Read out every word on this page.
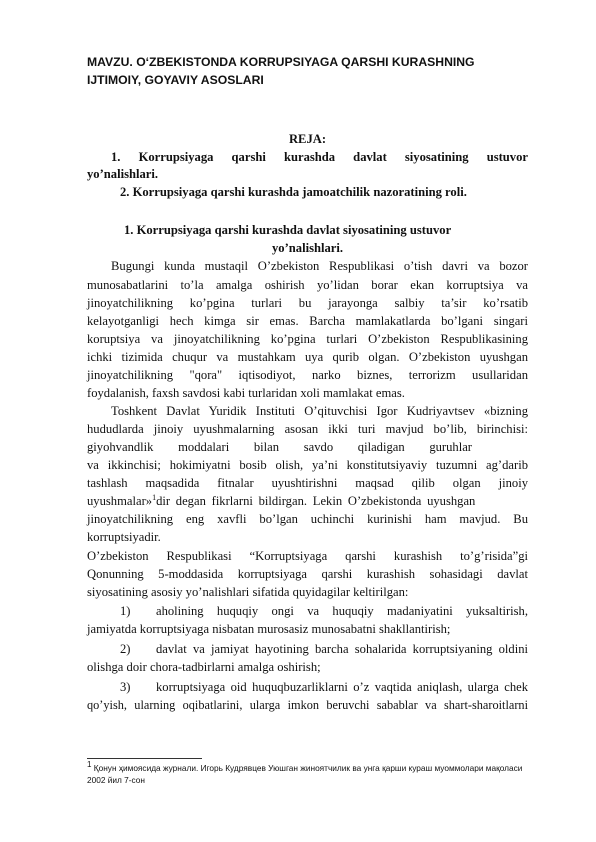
MAVZU. O‘ZBEKISTONDA KORRUPSIYAGA QARSHI KURASHNING IJTIMOIY, GOYAVIY ASOSLARI

REJA:

1. Korrupsiyaga qarshi kurashda davlat siyosatining ustuvor

yo’nalishlari.

2. Korrupsiyaga qarshi kurashda jamoatchilik nazoratining roli.

1. Korrupsiyaga qarshi kurashda davlat siyosatining ustuvor

yo’nalishlari.

Bugungi kunda mustaqil O’zbekiston Respublikasi o’tish davri va bozor

munosabatlarini to’la amalga oshirish yo’lidan borar ekan korruptsiya va

jinoyatchilikning ko’pgina turlari bu jarayonga salbiy ta’sir ko’rsatib

kelayotganligi hech kimga sir emas. Barcha mamlakatlarda bo’lgani singari

koruptsiya va jinoyatchilikning ko’pgina turlari O’zbekiston Respublikasining

ichki tizimida chuqur va mustahkam uya qurib olgan. O’zbekiston uyushgan

jinoyatchilikning "qora" iqtisodiyot, narko biznes, terrorizm usullaridan

foydalanish, faxsh savdosi kabi turlaridan xoli mamlakat emas.

Toshkent Davlat Yuridik Instituti O’qituvchisi Igor Kudriyavtsev «bizning

hududlarda jinoiy uyushmalarning asosan ikki turi mavjud bo’lib, birinchisi:

giyohvandlik moddalari bilan savdo qiladigan guruhlar

va ikkinchisi; hokimiyatni bosib olish, ya’ni konstitutsiyaviy tuzumni ag’darib

tashlash maqsadida fitnalar uyushtirishni maqsad qilib olgan jinoiy

uyushmalar»$^1$dir degan fikrlarni bildirgan. Lekin O’zbekistonda uyushgan

jinoyatchilikning eng xavfli bo’lgan uchinchi kurinishi ham mavjud. Bu

korruptsiyadir.

O’zbekiston Respublikasi “Korruptsiyaga qarshi kurashish to’g’risida”gi

Qonunning 5-moddasida korruptsiyaga qarshi kurashish sohasidagi davlat

siyosatining asosiy yo’nalishlari sifatida quyidagilar keltirilgan:

1) aholining huquqiy ongi va huquqiy madaniyatini yuksaltirish,

jamiyatda korruptsiyaga nisbatan murosasiz munosabatni shakllantirish;

2) davlat va jamiyat hayotining barcha sohalarida korruptsiyaning oldini

olishga doir chora-tadbirlarni amalga oshirish;

3) korruptsiyaga oid huquqbuzarliklarni o’z vaqtida aniqlash, ularga chek

qo’yish, ularning oqibatlarini, ularga imkon beruvchi sabablar va shart-sharoitlarni

1 Қонун ҳимоясида журнали. Игорь Кудрявцев Уюшган жиноятчилик ва унга қарши кураш муоммолари мақоласи 2002 йил 7-сон
